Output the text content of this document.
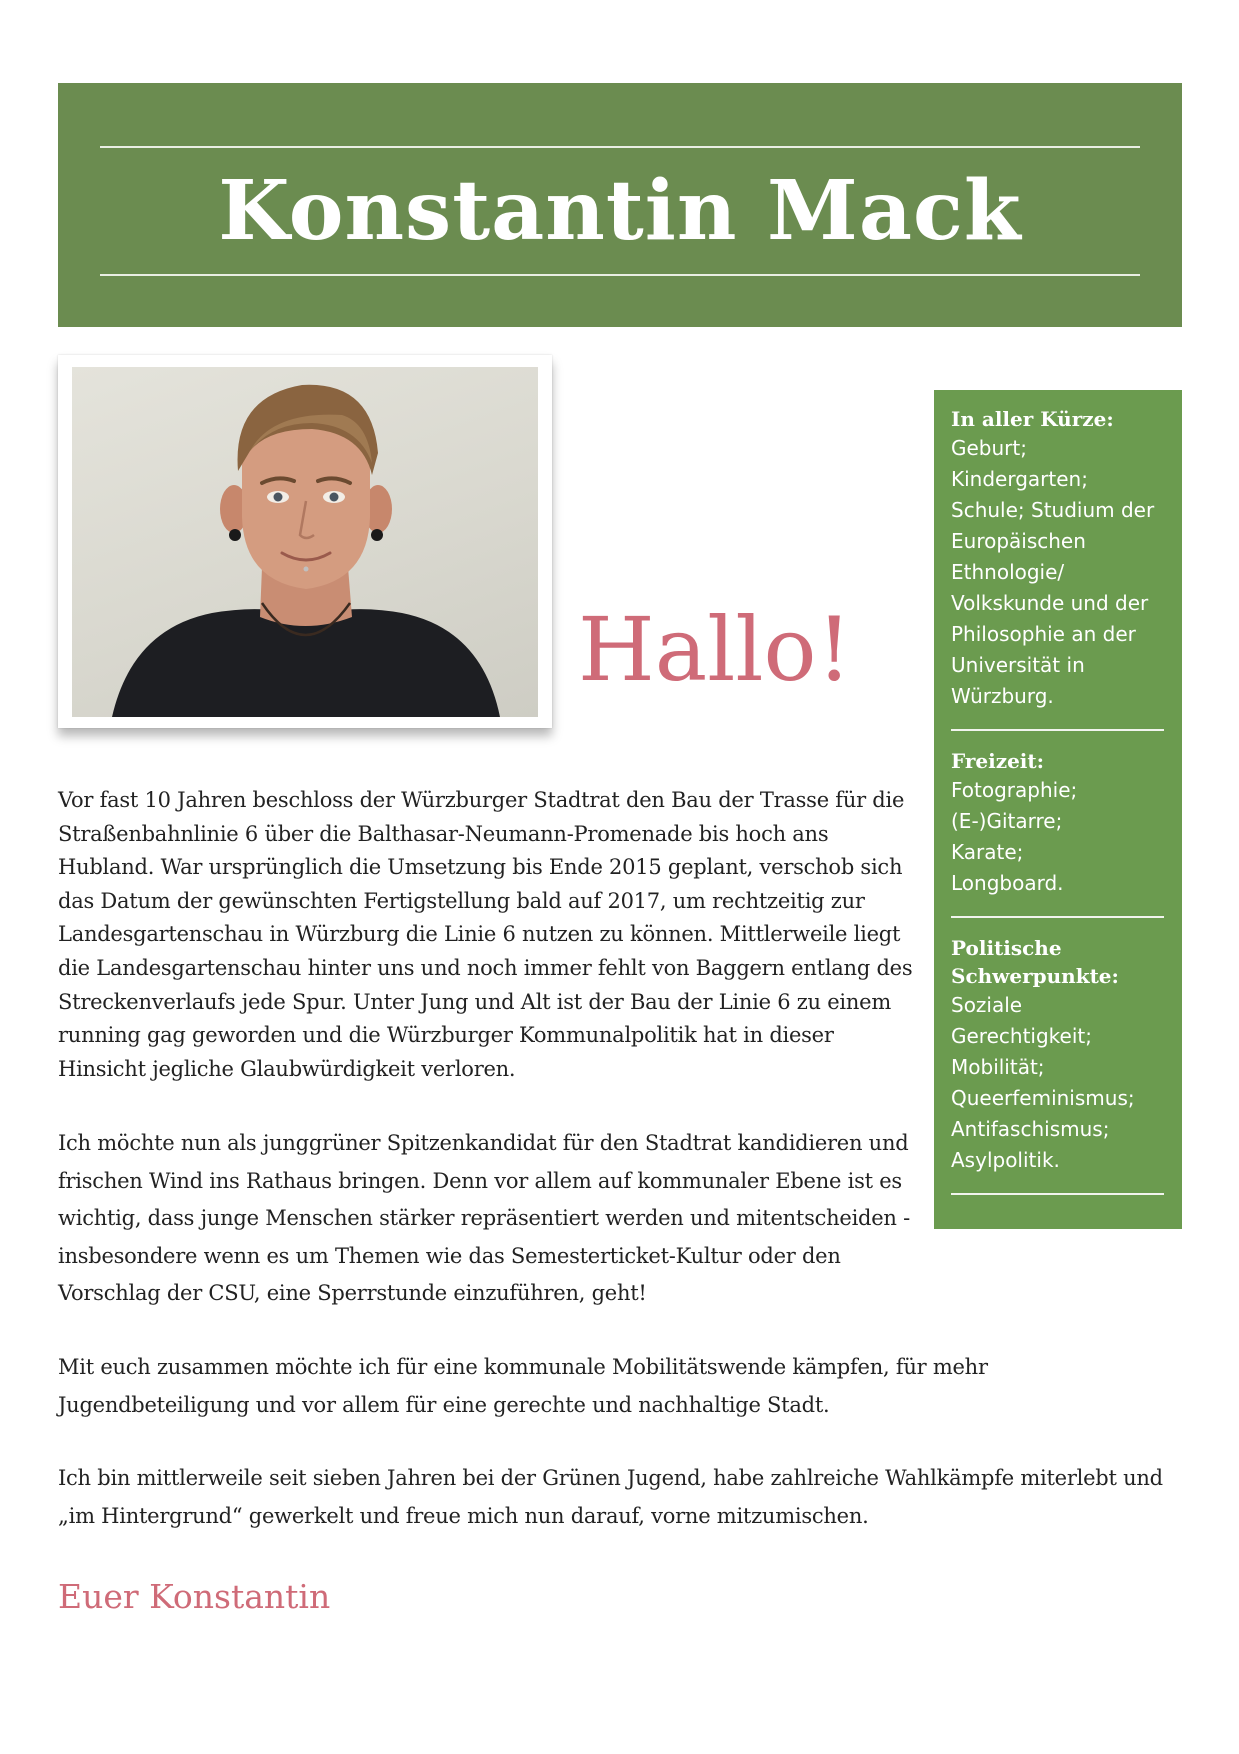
Konstantin Mack
Hallo!
In aller Kürze:
Geburt;
Kindergarten;
Schule; Studium der
Europäischen
Ethnologie/
Volkskunde und der
Philosophie an der
Universität in
Würzburg.
Freizeit:
Fotographie;
(E-)Gitarre;
Karate;
Longboard.
Politische
Schwerpunkte:
Soziale
Gerechtigkeit;
Mobilität;
Queerfeminismus;
Antifaschismus;
Asylpolitik.

Vor fast 10 Jahren beschloss der Würzburger Stadtrat den Bau der Trasse für die Straßenbahnlinie 6 über die Balthasar-Neumann-Promenade bis hoch ans Hubland. War ursprünglich die Umsetzung bis Ende 2015 geplant, verschob sich das Datum der gewünschten Fertigstellung bald auf 2017, um rechtzeitig zur Landesgartenschau in Würzburg die Linie 6 nutzen zu können. Mittlerweile liegt die Landesgartenschau hinter uns und noch immer fehlt von Baggern entlang des Streckenverlaufs jede Spur. Unter Jung und Alt ist der Bau der Linie 6 zu einem running gag geworden und die Würzburger Kommunalpolitik hat in dieser Hinsicht jegliche Glaubwürdigkeit verloren.

Ich möchte nun als junggrüner Spitzenkandidat für den Stadtrat kandidieren und frischen Wind ins Rathaus bringen. Denn vor allem auf kommunaler Ebene ist es wichtig, dass junge Menschen stärker repräsentiert werden und mitentscheiden - insbesondere wenn es um Themen wie das Semesterticket-Kultur oder den Vorschlag der CSU, eine Sperrstunde einzuführen, geht!

Mit euch zusammen möchte ich für eine kommunale Mobilitätswende kämpfen, für mehr Jugendbeteiligung und vor allem für eine gerechte und nachhaltige Stadt.

Ich bin mittlerweile seit sieben Jahren bei der Grünen Jugend, habe zahlreiche Wahlkämpfe miterlebt und „im Hintergrund“ gewerkelt und freue mich nun darauf, vorne mitzumischen.

Euer Konstantin
